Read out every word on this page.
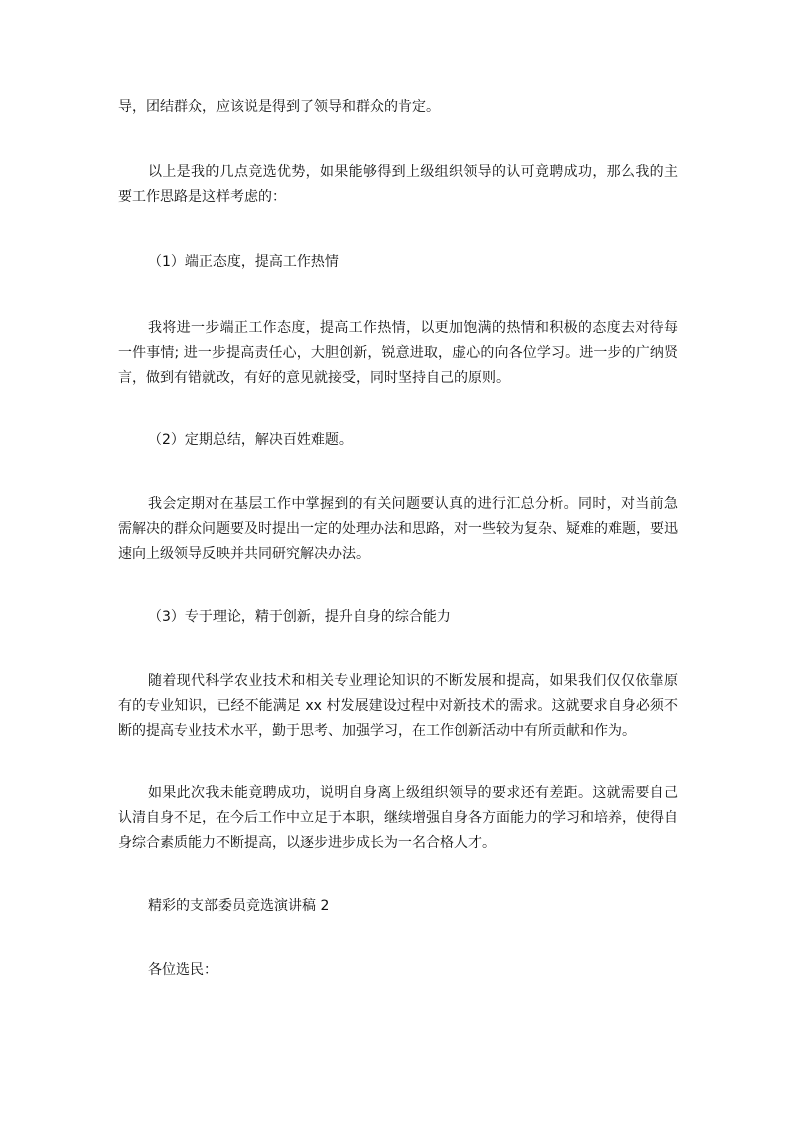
导，团结群众，应该说是得到了领导和群众的肯定。

以上是我的几点竞选优势，如果能够得到上级组织领导的认可竟聘成功，那么我的主要工作思路是这样考虑的：

（1）端正态度，提高工作热情

我将进一步端正工作态度，提高工作热情，以更加饱满的热情和积极的态度去对待每一件事情; 进一步提高责任心，大胆创新，锐意进取，虚心的向各位学习。进一步的广纳贤言，做到有错就改，有好的意见就接受，同时坚持自己的原则。

（2）定期总结，解决百姓难题。

我会定期对在基层工作中掌握到的有关问题要认真的进行汇总分析。同时，对当前急需解决的群众问题要及时提出一定的处理办法和思路，对一些较为复杂、疑难的难题，要迅速向上级领导反映并共同研究解决办法。

（3）专于理论，精于创新，提升自身的综合能力

随着现代科学农业技术和相关专业理论知识的不断发展和提高，如果我们仅仅依靠原有的专业知识，已经不能满足 xx 村发展建设过程中对新技术的需求。这就要求自身必须不断的提高专业技术水平，勤于思考、加强学习，在工作创新活动中有所贡献和作为。

如果此次我未能竟聘成功，说明自身离上级组织领导的要求还有差距。这就需要自己认清自身不足，在今后工作中立足于本职，继续增强自身各方面能力的学习和培养，使得自身综合素质能力不断提高，以逐步进步成长为一名合格人才。

精彩的支部委员竞选演讲稿 2

各位选民：
